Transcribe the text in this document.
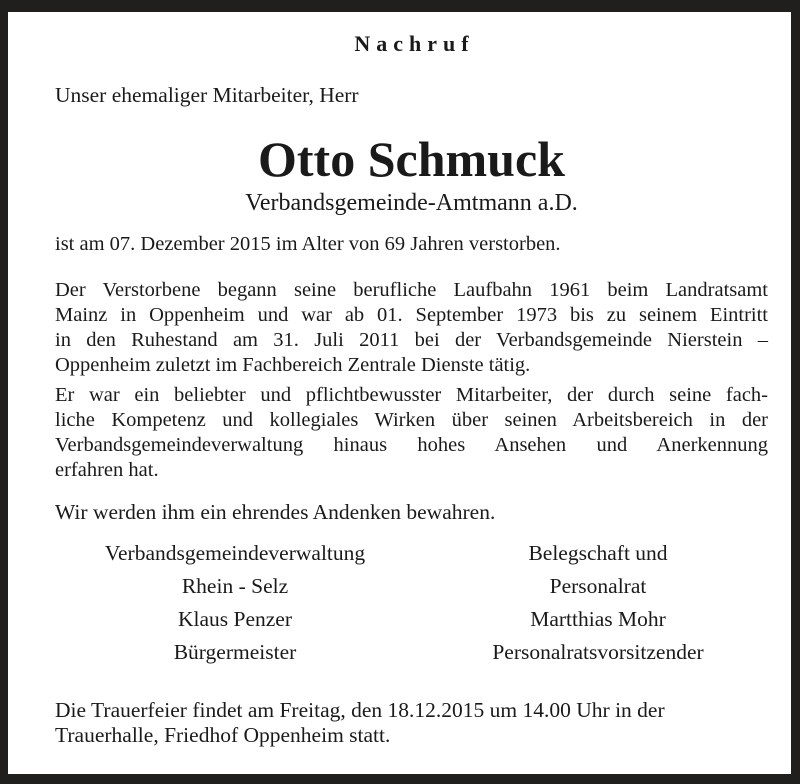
Nachruf
Unser ehemaliger Mitarbeiter, Herr
Otto Schmuck
Verbandsgemeinde-Amtmann a.D.
ist am 07. Dezember 2015 im Alter von 69 Jahren verstorben.
Der Verstorbene begann seine berufliche Laufbahn 1961 beim Landratsamt
Mainz in Oppenheim und war ab 01. September 1973 bis zu seinem Eintritt
in den Ruhestand am 31. Juli 2011 bei der Verbandsgemeinde Nierstein –
Oppenheim zuletzt im Fachbereich Zentrale Dienste tätig.
Er war ein beliebter und pflichtbewusster Mitarbeiter, der durch seine fach-
liche Kompetenz und kollegiales Wirken über seinen Arbeitsbereich in der
Verbandsgemeindeverwaltung hinaus hohes Ansehen und Anerkennung
erfahren hat.
Wir werden ihm ein ehrendes Andenken bewahren.
Verbandsgemeindeverwaltung
Rhein - Selz
Klaus Penzer
Bürgermeister
Belegschaft und
Personalrat
Martthias Mohr
Personalratsvorsitzender
Die Trauerfeier findet am Freitag, den 18.12.2015 um 14.00 Uhr in der
Trauerhalle, Friedhof Oppenheim statt.
